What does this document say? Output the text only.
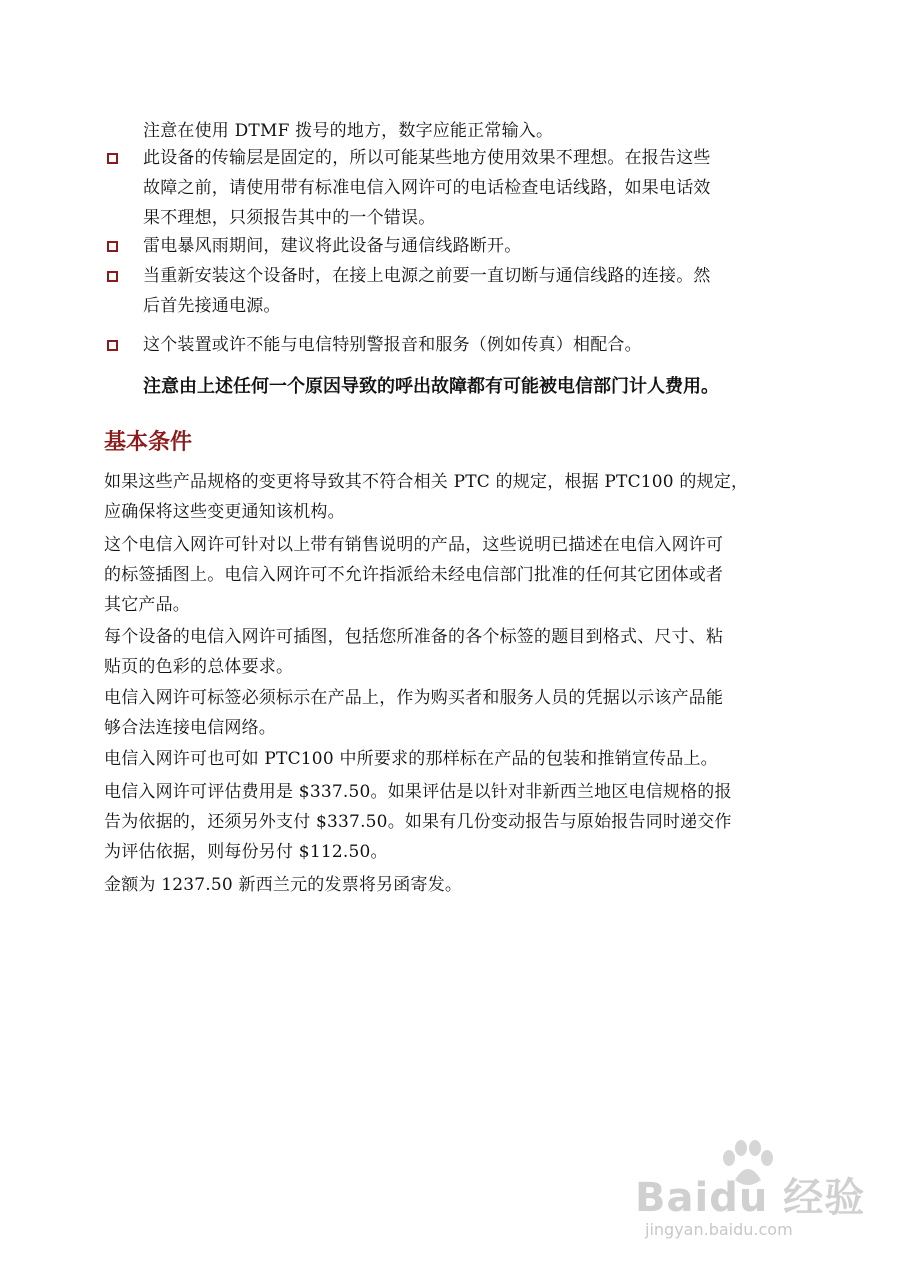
注意在使用 DTMF 拨号的地方，数字应能正常输入。
此设备的传输层是固定的，所以可能某些地方使用效果不理想。在报告这些
故障之前，请使用带有标准电信入网许可的电话检查电话线路，如果电话效
果不理想，只须报告其中的一个错误。
雷电暴风雨期间，建议将此设备与通信线路断开。
当重新安装这个设备时，在接上电源之前要一直切断与通信线路的连接。然
后首先接通电源。
这个装置或许不能与电信特别警报音和服务（例如传真）相配合。
注意由上述任何一个原因导致的呼出故障都有可能被电信部门计人费用。
基本条件
如果这些产品规格的变更将导致其不符合相关 PTC 的规定，根据 PTC100 的规定，
应确保将这些变更通知该机构。
这个电信入网许可针对以上带有销售说明的产品，这些说明已描述在电信入网许可
的标签插图上。电信入网许可不允许指派给未经电信部门批准的任何其它团体或者
其它产品。
每个设备的电信入网许可插图，包括您所准备的各个标签的题目到格式、尺寸、粘
贴页的色彩的总体要求。
电信入网许可标签必须标示在产品上，作为购买者和服务人员的凭据以示该产品能
够合法连接电信网络。
电信入网许可也可如 PTC100 中所要求的那样标在产品的包装和推销宣传品上。
电信入网许可评估费用是 $337.50。如果评估是以针对非新西兰地区电信规格的报
告为依据的，还须另外支付 $337.50。如果有几份变动报告与原始报告同时递交作
为评估依据，则每份另付 $112.50。
金额为 1237.50 新西兰元的发票将另函寄发。
Baidu 经验
jingyan.baidu.com
